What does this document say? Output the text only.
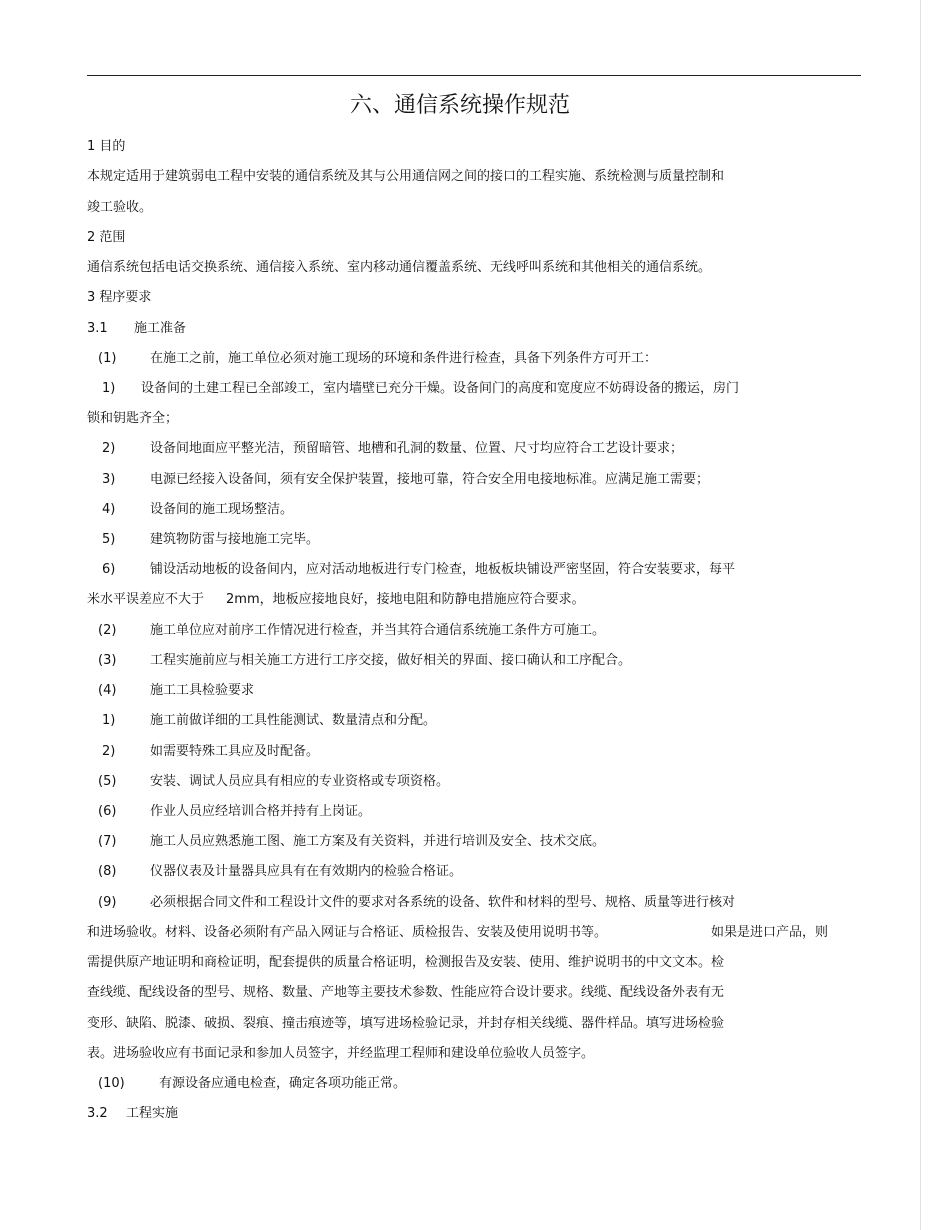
六、通信系统操作规范
1 目的
本规定适用于建筑弱电工程中安装的通信系统及其与公用通信网之间的接口的工程实施、系统检测与质量控制和
竣工验收。
2 范围
通信系统包括电话交换系统、通信接入系统、室内移动通信覆盖系统、无线呼叫系统和其他相关的通信系统。
3 程序要求
3.1 施工准备
(1)	在施工之前，施工单位必须对施工现场的环境和条件进行检查，具备下列条件方可开工：
1) 设备间的土建工程已全部竣工，室内墙壁已充分干燥。设备间门的高度和宽度应不妨碍设备的搬运，房门
锁和钥匙齐全；
2)	设备间地面应平整光洁，预留暗管、地槽和孔洞的数量、位置、尺寸均应符合工艺设计要求；
3)	电源已经接入设备间，须有安全保护装置，接地可靠，符合安全用电接地标准。应满足施工需要；
4)	设备间的施工现场整洁。
5)	建筑物防雷与接地施工完毕。
6)	铺设活动地板的设备间内，应对活动地板进行专门检查，地板板块铺设严密坚固，符合安装要求，每平
米水平误差应不大于 2mm，地板应接地良好，接地电阻和防静电措施应符合要求。
(2)	施工单位应对前序工作情况进行检查，并当其符合通信系统施工条件方可施工。
(3)	工程实施前应与相关施工方进行工序交接，做好相关的界面、接口确认和工序配合。
(4)	施工工具检验要求
1)	施工前做详细的工具性能测试、数量清点和分配。
2)	如需要特殊工具应及时配备。
(5)	安装、调试人员应具有相应的专业资格或专项资格。
(6)	作业人员应经培训合格并持有上岗证。
(7)	施工人员应熟悉施工图、施工方案及有关资料，并进行培训及安全、技术交底。
(8)	仪器仪表及计量器具应具有在有效期内的检验合格证。
(9)	必须根据合同文件和工程设计文件的要求对各系统的设备、软件和材料的型号、规格、质量等进行核对
和进场验收。材料、设备必须附有产品入网证与合格证、质检报告、安装及使用说明书等。	如果是进口产品，则
需提供原产地证明和商检证明，配套提供的质量合格证明，检测报告及安装、使用、维护说明书的中文文本。检
查线缆、配线设备的型号、规格、数量、产地等主要技术参数、性能应符合设计要求。线缆、配线设备外表有无
变形、缺陷、脱漆、破损、裂痕、撞击痕迹等，填写进场检验记录，并封存相关线缆、器件样品。填写进场检验
表。进场验收应有书面记录和参加人员签字，并经监理工程师和建设单位验收人员签字。
(10)	有源设备应通电检查，确定各项功能正常。
3.2 工程实施
